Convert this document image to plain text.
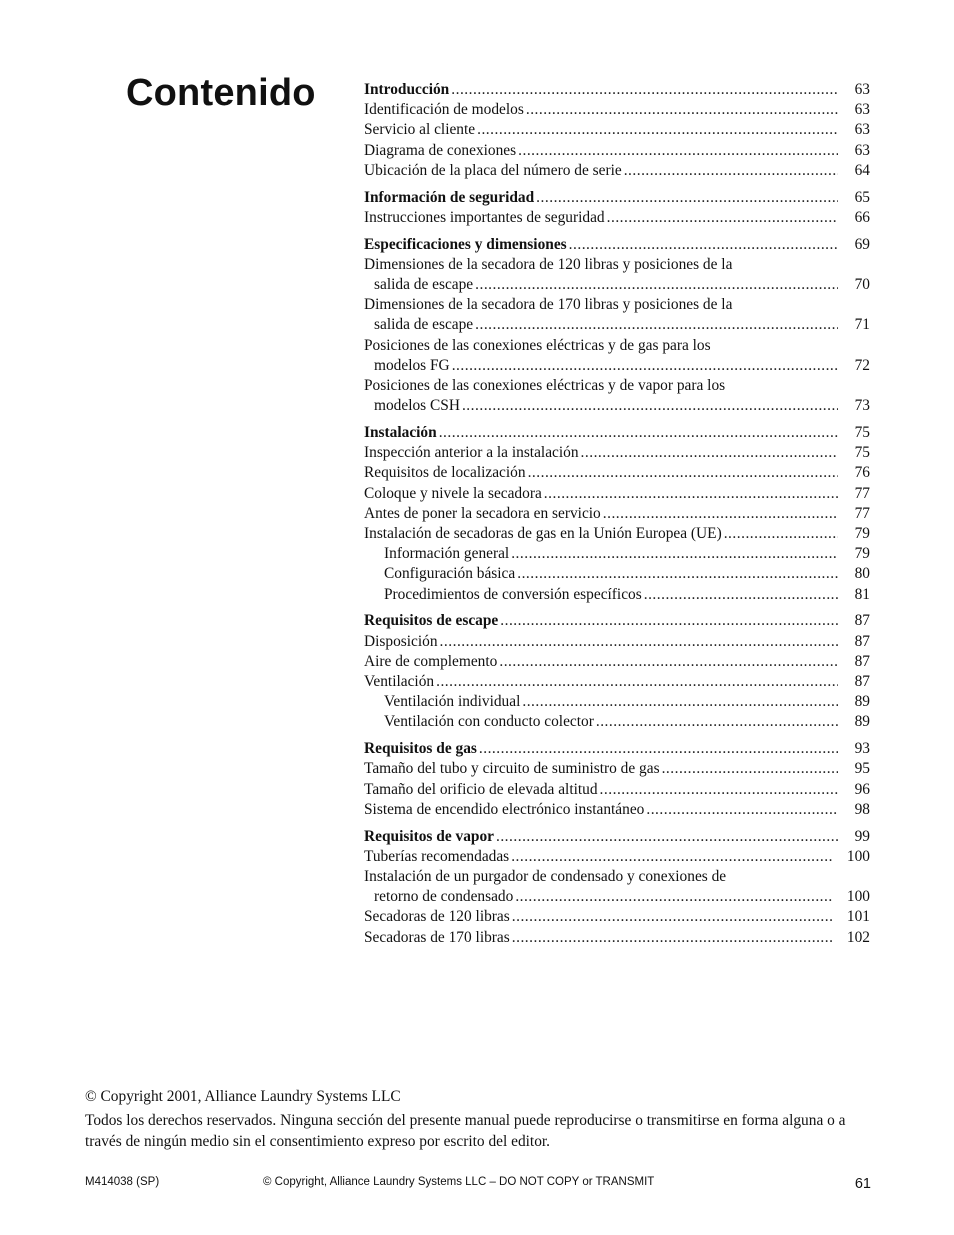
Contenido	Introducción .....	63
Identificación de modelos .....	63
Servicio al cliente .....	63
Diagrama de conexiones .....	63
Ubicación de la placa del número de serie .....	64
Información de seguridad .....	65
Instrucciones importantes de seguridad .....	66
Especificaciones y dimensiones .....	69
Dimensiones de la secadora de 120 libras y posiciones de la
salida de escape .....	70
Dimensiones de la secadora de 170 libras y posiciones de la
salida de escape .....	71
Posiciones de las conexiones eléctricas y de gas para los
modelos FG .....	72
Posiciones de las conexiones eléctricas y de vapor para los
modelos CSH .....	73
Instalación .....	75
Inspección anterior a la instalación .....	75
Requisitos de localización .....	76
Coloque y nivele la secadora .....	77
Antes de poner la secadora en servicio .....	77
Instalación de secadoras de gas en la Unión Europea (UE) .....	79
Información general .....	79
Configuración básica .....	80
Procedimientos de conversión específicos .....	81
Requisitos de escape .....	87
Disposición .....	87
Aire de complemento .....	87
Ventilación .....	87
Ventilación individual .....	89
Ventilación con conducto colector .....	89
Requisitos de gas .....	93
Tamaño del tubo y circuito de suministro de gas .....	95
Tamaño del orificio de elevada altitud .....	96
Sistema de encendido electrónico instantáneo .....	98
Requisitos de vapor .....	99
Tuberías recomendadas .....	100
Instalación de un purgador de condensado y conexiones de
retorno de condensado .....	100
Secadoras de 120 libras .....	101
Secadoras de 170 libras .....	102

© Copyright 2001, Alliance Laundry Systems LLC

Todos los derechos reservados. Ninguna sección del presente manual puede reproducirse o transmitirse en forma alguna o a través de ningún medio sin el consentimiento expreso por escrito del editor.

M414038 (SP)	© Copyright, Alliance Laundry Systems LLC – DO NOT COPY or TRANSMIT	61
